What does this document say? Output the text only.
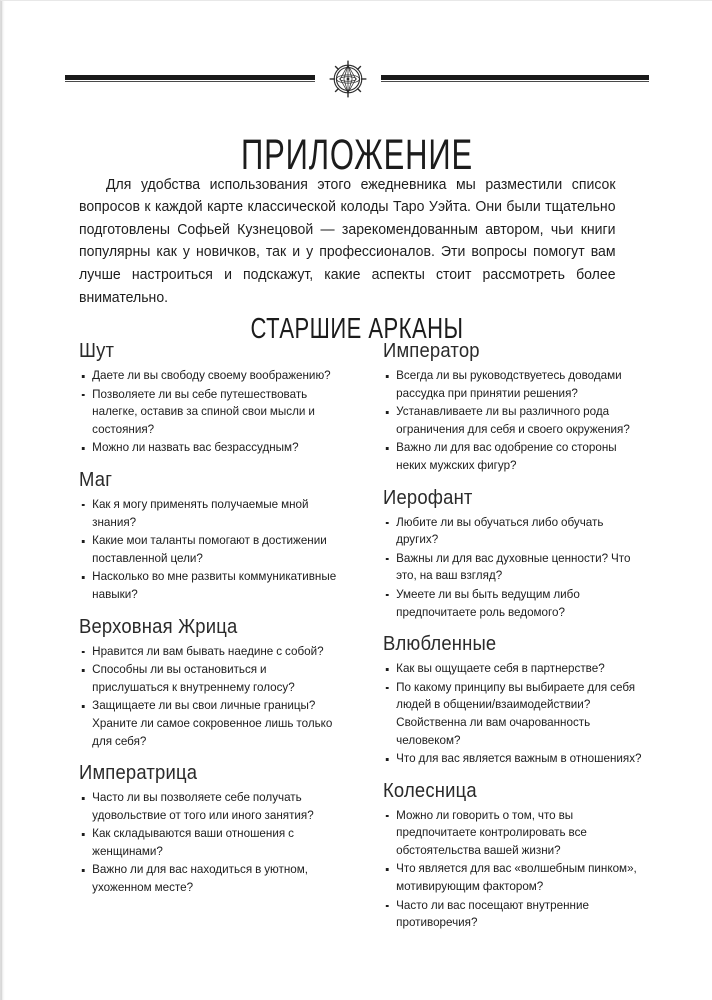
ПРИЛОЖЕНИЕ

Для удобства использования этого ежедневника мы разместили список вопросов к каждой карте классической колоды Таро Уэйта. Они были тщательно подготовлены Софьей Кузнецовой — зарекомендованным автором, чьи книги популярны как у новичков, так и у профессионалов. Эти вопросы помогут вам лучше настроиться и подскажут, какие аспекты стоит рассмотреть более внимательно.

СТАРШИЕ АРКАНЫ
Шут
Даете ли вы свободу своему воображению?
Позволяете ли вы себе путешествовать налегке, оставив за спиной свои мысли и состояния?
Можно ли назвать вас безрассудным?
Маг
Как я могу применять получаемые мной знания?
Какие мои таланты помогают в достижении поставленной цели?
Насколько во мне развиты коммуникативные навыки?
Верховная Жрица
Нравится ли вам бывать наедине с собой?
Способны ли вы остановиться и прислушаться к внутреннему голосу?
Защищаете ли вы свои личные границы? Храните ли самое сокровенное лишь только для себя?
Императрица
Часто ли вы позволяете себе получать удовольствие от того или иного занятия?
Как складываются ваши отношения с женщинами?
Важно ли для вас находиться в уютном, ухоженном месте?
Император
Всегда ли вы руководствуетесь доводами рассудка при принятии решения?
Устанавливаете ли вы различного рода ограничения для себя и своего окружения?
Важно ли для вас одобрение со стороны неких мужских фигур?
Иерофант
Любите ли вы обучаться либо обучать других?
Важны ли для вас духовные ценности? Что это, на ваш взгляд?
Умеете ли вы быть ведущим либо предпочитаете роль ведомого?
Влюбленные
Как вы ощущаете себя в партнерстве?
По какому принципу вы выбираете для себя людей в общении/взаимодействии? Свойственна ли вам очарованность человеком?
Что для вас является важным в отношениях?
Колесница
Можно ли говорить о том, что вы предпочитаете контролировать все обстоятельства вашей жизни?
Что является для вас «волшебным пинком», мотивирующим фактором?
Часто ли вас посещают внутренние противоречия?
